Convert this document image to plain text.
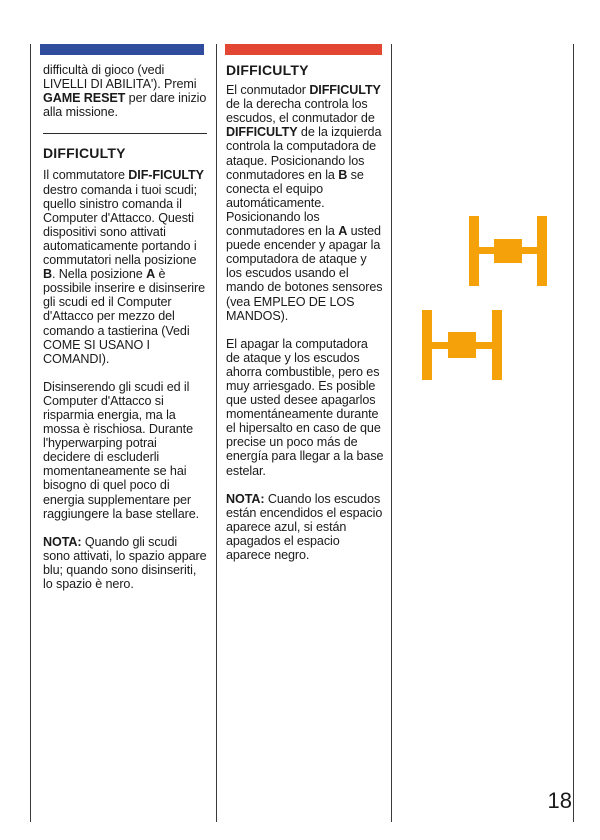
difficultà di gioco (vedi LIVELLI DI ABILITA'). Premi GAME RESET per dare inizio alla missione.

DIFFICULTY

Il commutatore DIF-FICULTY destro comanda i tuoi scudi; quello sinistro comanda il Computer d'Attacco. Questi dispositivi sono attivati automaticamente portando i commutatori nella posizione B. Nella posizione A è possibile inserire e disinserire gli scudi ed il Computer d'Attacco per mezzo del comando a tastierina (Vedi COME SI USANO I COMANDI).

Disinserendo gli scudi ed il Computer d'Attacco si risparmia energia, ma la mossa è rischiosa. Durante l'hyperwarping potrai decidere di escluderli momentaneamente se hai bisogno di quel poco di energia supplementare per raggiungere la base stellare.

NOTA: Quando gli scudi sono attivati, lo spazio appare blu; quando sono disinseriti, lo spazio è nero.

DIFFICULTY

El conmutador DIFFICULTY de la derecha controla los escudos, el conmutador de DIFFICULTY de la izquierda controla la computadora de ataque. Posicionando los conmutadores en la B se conecta el equipo automáticamente. Posicionando los conmutadores en la A usted puede encender y apagar la computadora de ataque y los escudos usando el mando de botones sensores (vea EMPLEO DE LOS MANDOS).

El apagar la computadora de ataque y los escudos ahorra combustible, pero es muy arriesgado. Es posible que usted desee apagarlos momentáneamente durante el hipersalto en caso de que precise un poco más de energía para llegar a la base estelar.

NOTA: Cuando los escudos están encendidos el espacio aparece azul, si están apagados el espacio aparece negro.

18
